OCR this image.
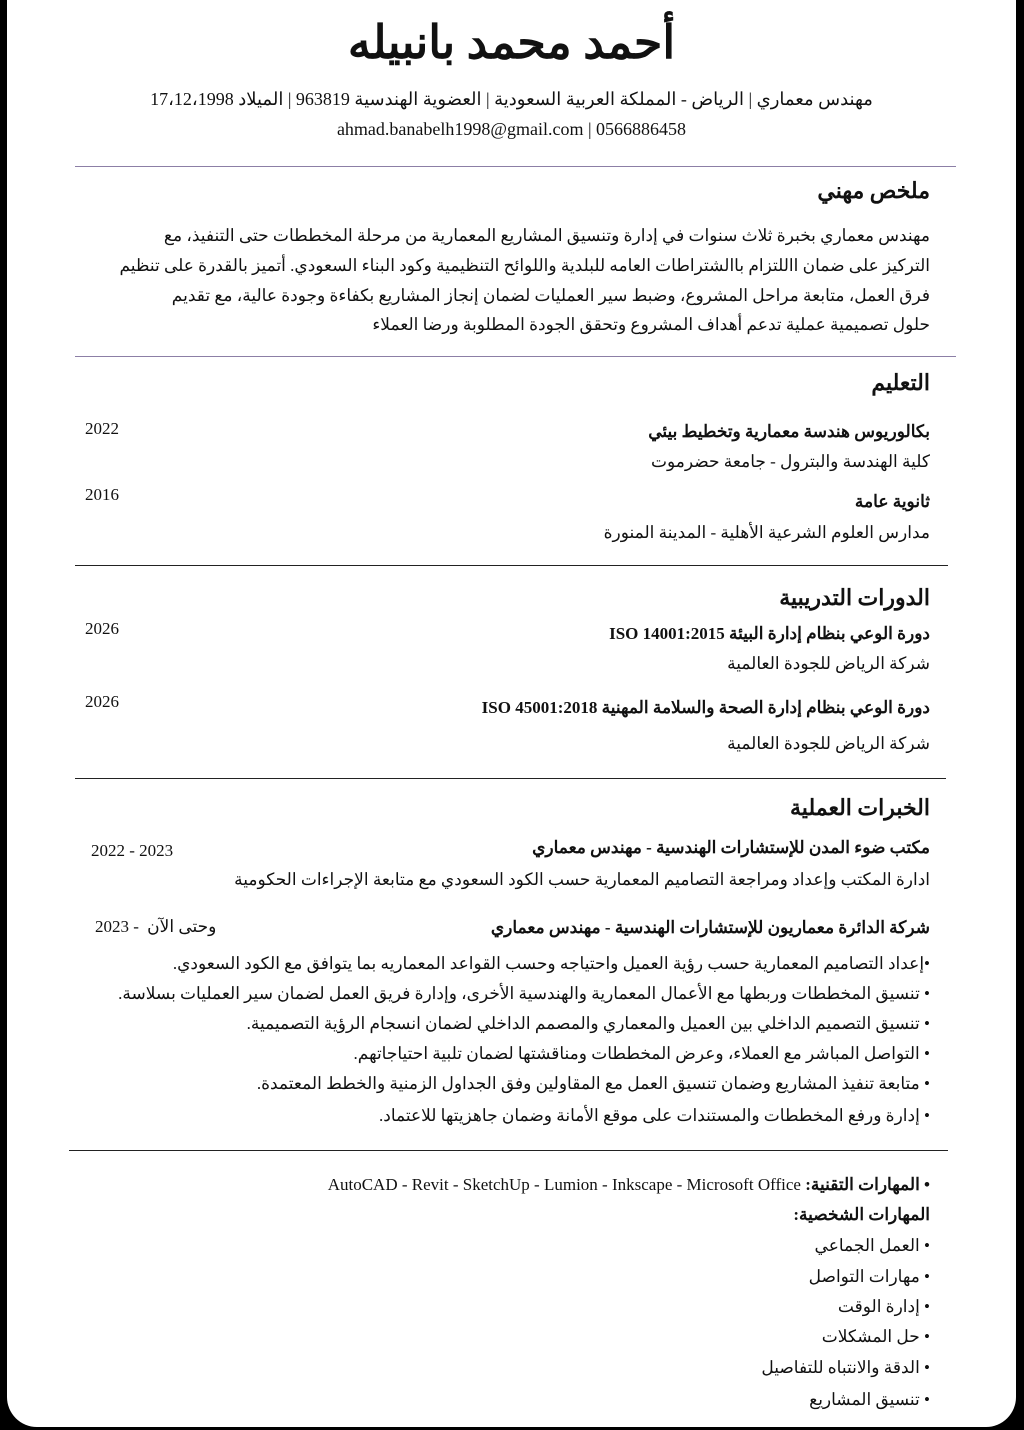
أحمد محمد بانبيله
مهندس معماري | الرياض - المملكة العربية السعودية | العضوية الهندسية 963819 | الميلاد 17،12،1998
ahmad.banabelh1998@gmail.com | 0566886458
ملخص مهني
مهندس معماري بخبرة ثلاث سنوات في إدارة وتنسيق المشاريع المعمارية من مرحلة المخططات حتى التنفيذ، مع
التركيز على ضمان االلتزام باالشتراطات العامه للبلدية واللوائح التنظيمية وكود البناء السعودي. أتميز بالقدرة على تنظيم
فرق العمل، متابعة مراحل المشروع، وضبط سير العمليات لضمان إنجاز المشاريع بكفاءة وجودة عالية، مع تقديم
حلول تصميمية عملية تدعم أهداف المشروع وتحقق الجودة المطلوبة ورضا العملاء
التعليم
بكالوريوس هندسة معمارية وتخطيط بيئي
2022
كلية الهندسة والبترول - جامعة حضرموت
ثانوية عامة
2016
مدارس العلوم الشرعية الأهلية - المدينة المنورة
الدورات التدريبية
دورة الوعي بنظام إدارة البيئة ISO 14001:2015
2026
شركة الرياض للجودة العالمية
دورة الوعي بنظام إدارة الصحة والسلامة المهنية ISO 45001:2018
2026
شركة الرياض للجودة العالمية
الخبرات العملية
مكتب ضوء المدن للإستشارات الهندسية - مهندس معماري
2022 - 2023
ادارة المكتب وإعداد ومراجعة التصاميم المعمارية حسب الكود السعودي مع متابعة الإجراءات الحكومية
شركة الدائرة معماريون للإستشارات الهندسية - مهندس معماري
2023 - وحتى الآن
•إعداد التصاميم المعمارية حسب رؤية العميل واحتياجه وحسب القواعد المعماريه بما يتوافق مع الكود السعودي.
• تنسيق المخططات وربطها مع الأعمال المعمارية والهندسية الأخرى، وإدارة فريق العمل لضمان سير العمليات بسلاسة.
• تنسيق التصميم الداخلي بين العميل والمعماري والمصمم الداخلي لضمان انسجام الرؤية التصميمية.
• التواصل المباشر مع العملاء، وعرض المخططات ومناقشتها لضمان تلبية احتياجاتهم.
• متابعة تنفيذ المشاريع وضمان تنسيق العمل مع المقاولين وفق الجداول الزمنية والخطط المعتمدة.
• إدارة ورفع المخططات والمستندات على موقع الأمانة وضمان جاهزيتها للاعتماد.
• المهارات التقنية: AutoCAD - Revit - SketchUp - Lumion - Inkscape - Microsoft Office
المهارات الشخصية:
• العمل الجماعي
• مهارات التواصل
• إدارة الوقت
• حل المشكلات
• الدقة والانتباه للتفاصيل
• تنسيق المشاريع
